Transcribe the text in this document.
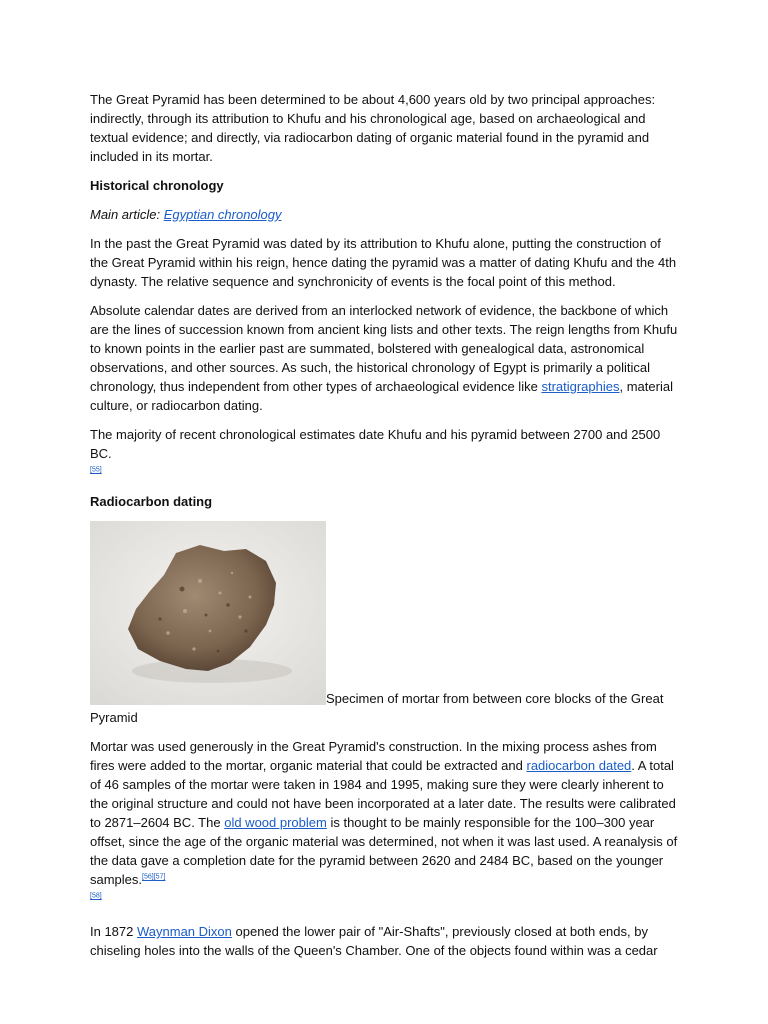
The Great Pyramid has been determined to be about 4,600 years old by two principal approaches: indirectly, through its attribution to Khufu and his chronological age, based on archaeological and textual evidence; and directly, via radiocarbon dating of organic material found in the pyramid and included in its mortar.

Historical chronology

Main article: Egyptian chronology

In the past the Great Pyramid was dated by its attribution to Khufu alone, putting the construction of the Great Pyramid within his reign, hence dating the pyramid was a matter of dating Khufu and the 4th dynasty. The relative sequence and synchronicity of events is the focal point of this method.

Absolute calendar dates are derived from an interlocked network of evidence, the backbone of which are the lines of succession known from ancient king lists and other texts. The reign lengths from Khufu to known points in the earlier past are summated, bolstered with genealogical data, astronomical observations, and other sources. As such, the historical chronology of Egypt is primarily a political chronology, thus independent from other types of archaeological evidence like stratigraphies, material culture, or radiocarbon dating.

The majority of recent chronological estimates date Khufu and his pyramid between 2700 and 2500 BC.
[55]

Radiocarbon dating
Specimen of mortar from between core blocks of the Great Pyramid

Mortar was used generously in the Great Pyramid's construction. In the mixing process ashes from fires were added to the mortar, organic material that could be extracted and radiocarbon dated. A total of 46 samples of the mortar were taken in 1984 and 1995, making sure they were clearly inherent to the original structure and could not have been incorporated at a later date. The results were calibrated to 2871–2604 BC. The old wood problem is thought to be mainly responsible for the 100–300 year offset, since the age of the organic material was determined, not when it was last used. A reanalysis of the data gave a completion date for the pyramid between 2620 and 2484 BC, based on the younger samples.[56][57]
[58]

In 1872 Waynman Dixon opened the lower pair of "Air-Shafts", previously closed at both ends, by chiseling holes into the walls of the Queen's Chamber. One of the objects found within was a cedar
